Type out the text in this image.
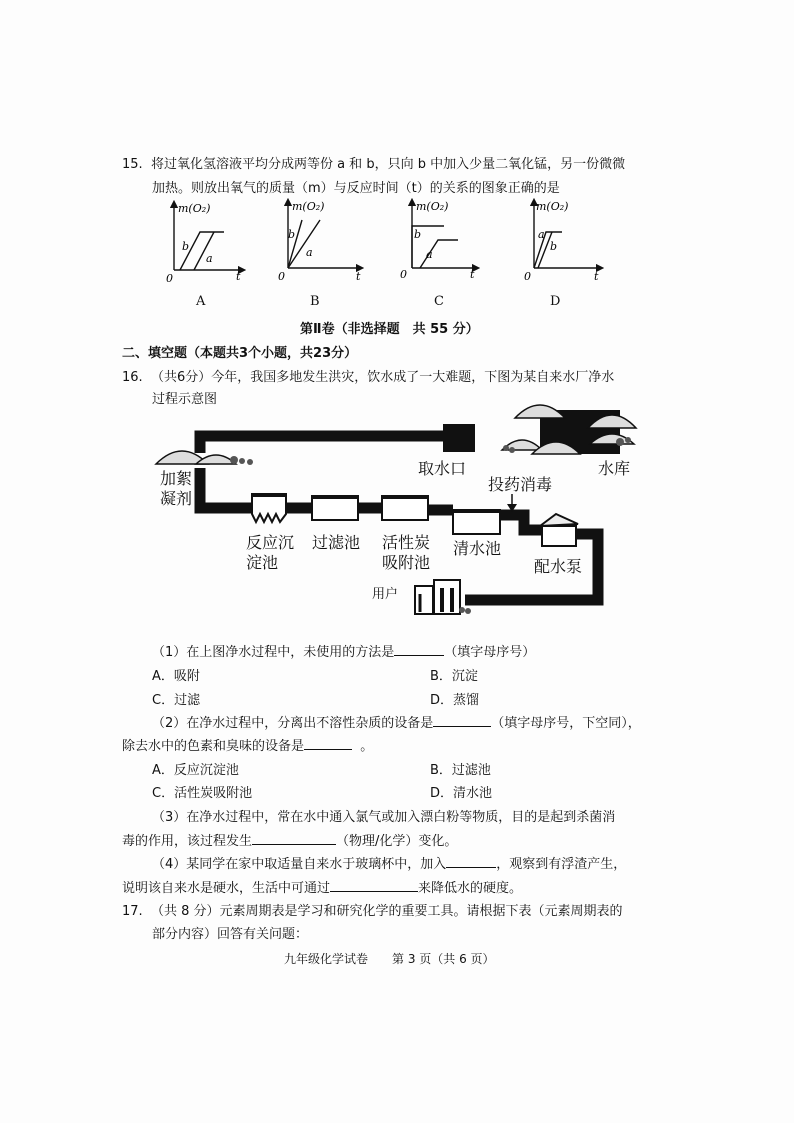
15. 将过氧化氢溶液平均分成两等份 a 和 b，只向 b 中加入少量二氧化锰，另一份微微
加热。则放出氧气的质量（m）与反应时间（t）的关系的图象正确的是
m(O₂)
t
0
b
a
m(O₂)
t
0
b
a
m(O₂)
t
0
b
a
m(O₂)
t
0
a
b
A	B	C	D
第Ⅱ卷（非选择题　共 55 分）
二、填空题（本题共3个小题，共23分）
16. （共6分）今年，我国多地发生洪灾，饮水成了一大难题，下图为某自来水厂净水
过程示意图
取水口	水库
加絮
凝剂
投药消毒
反应沉
淀池
过滤池 活性炭
吸附池
清水池
配水泵
用户
（1）在上图净水过程中，未使用的方法是	（填字母序号）
A．吸附	B．沉淀
C．过滤	D．蒸馏
（2）在净水过程中，分离出不溶性杂质的设备是	（填字母序号，下空同），
除去水中的色素和臭味的设备是	。
A．反应沉淀池	B．过滤池
C．活性炭吸附池	D．清水池
（3）在净水过程中，常在水中通入氯气或加入漂白粉等物质，目的是起到杀菌消
毒的作用，该过程发生	（物理/化学）变化。
（4）某同学在家中取适量自来水于玻璃杯中，加入	，观察到有浮渣产生，
说明该自来水是硬水，生活中可通过	来降低水的硬度。
17. （共 8 分）元素周期表是学习和研究化学的重要工具。请根据下表（元素周期表的
部分内容）回答有关问题：
九年级化学试卷　　第 3 页（共 6 页）
